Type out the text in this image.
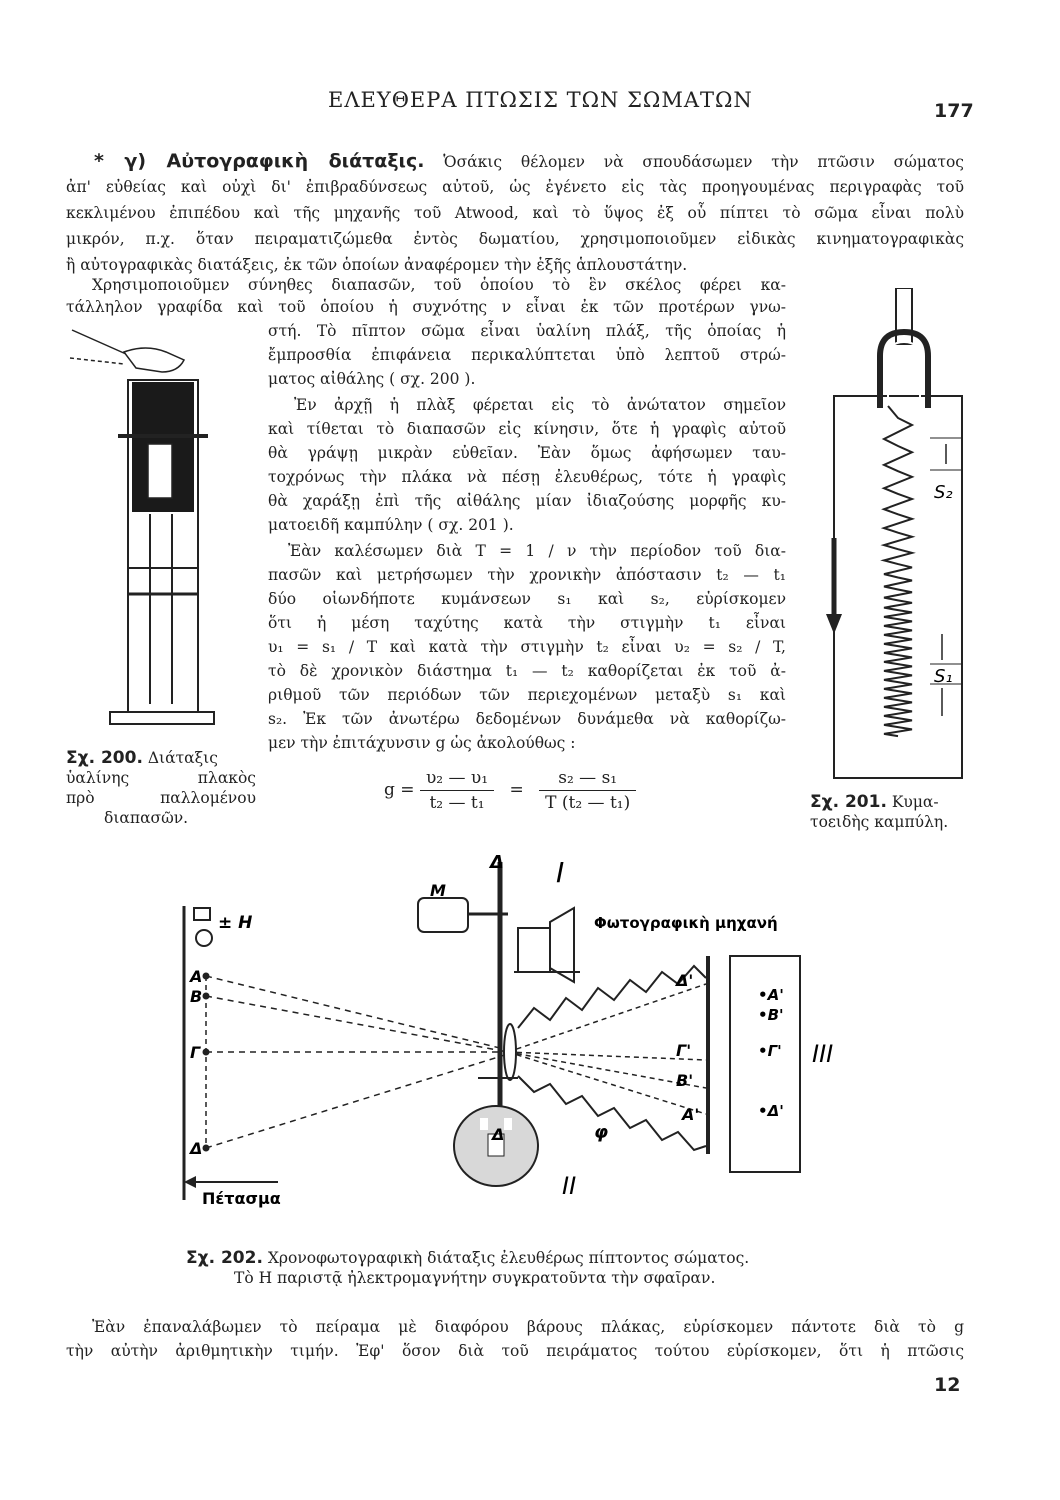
ΕΛΕΥΘΕΡΑ ΠΤΩΣΙΣ ΤΩΝ ΣΩΜΑΤΩΝ	177
* γ) Αὐτογραφικὴ διάταξις. Ὁσάκις θέλομεν νὰ σπουδάσωμεν τὴν πτῶσιν σώματος
ἀπ' εὐθείας καὶ οὐχὶ δι' ἐπιβραδύνσεως αὐτοῦ, ὡς ἐγένετο εἰς τὰς προηγουμένας περιγραφὰς τοῦ
κεκλιμένου ἐπιπέδου καὶ τῆς μηχανῆς τοῦ Atwood, καὶ τὸ ὕψος ἐξ οὗ πίπτει τὸ σῶμα εἶναι πολὺ
μικρόν, π.χ. ὅταν πειραματιζώμεθα ἐντὸς δωματίου, χρησιμοποιοῦμεν εἰδικὰς κινηματογραφικὰς
ἢ αὐτογραφικὰς διατάξεις, ἐκ τῶν ὁποίων ἀναφέρομεν τὴν ἑξῆς ἁπλουστάτην.
Χρησιμοποιοῦμεν σύνηθες διαπασῶν, τοῦ ὁποίου τὸ ἓν σκέλος φέρει κα-
τάλληλον γραφίδα καὶ τοῦ ὁποίου ἡ συχνότης ν εἶναι ἐκ τῶν προτέρων γνω-
στή. Τὸ πῖπτον σῶμα εἶναι ὑαλίνη πλάξ, τῆς ὁποίας ἡ
ἔμπροσθία ἐπιφάνεια περικαλύπτεται ὑπὸ λεπτοῦ στρώ-
ματος αἰθάλης ( σχ. 200 ).
Ἐν ἀρχῇ ἡ πλὰξ φέρεται εἰς τὸ ἀνώτατον σημεῖον
καὶ τίθεται τὸ διαπασῶν εἰς κίνησιν, ὅτε ἡ γραφὶς αὐτοῦ
θὰ γράψῃ μικρὰν εὐθεῖαν. Ἐὰν ὅμως ἀφήσωμεν ταυ-
τοχρόνως τὴν πλάκα νὰ πέσῃ ἐλευθέρως, τότε ἡ γραφὶς
θὰ χαράξῃ ἐπὶ τῆς αἰθάλης μίαν ἰδιαζούσης μορφῆς κυ-
ματοειδῆ καμπύλην ( σχ. 201 ).
Ἐὰν καλέσωμεν διὰ Τ = 1 / ν τὴν περίοδον τοῦ δια-
πασῶν καὶ μετρήσωμεν τὴν χρονικὴν ἀπόστασιν t₂ — t₁
δύο οἱωνδήποτε κυμάνσεων s₁ καὶ s₂, εὑρίσκομεν
ὅτι ἡ μέση ταχύτης κατὰ τὴν στιγμὴν t₁ εἶναι
υ₁ = s₁ / T καὶ κατὰ τὴν στιγμὴν t₂ εἶναι υ₂ = s₂ / T,
τὸ δὲ χρονικὸν διάστημα t₁ — t₂ καθορίζεται ἐκ τοῦ ἀ-
ριθμοῦ τῶν περιόδων τῶν περιεχομένων μεταξὺ s₁ καὶ
s₂. Ἐκ τῶν ἀνωτέρω δεδομένων δυνάμεθα νὰ καθορίζω-
μεν τὴν ἐπιτάχυνσιν g ὡς ἀκολούθως :
$g = \frac{\text{υ₂ — υ₁}}{\text{t₂ — t₁}} = \frac{\text{s₂ — s₁}}{\text{T (t₂ — t₁)}}$
Σχ. 200. Διάταξις

ὑαλίνης πλακὸς
πρὸ παλλομένου
διαπασῶν.
S₂
S₁
Σχ. 201. Κυμα-
τοειδὴς καμπύλη.
Δ I
M
Φωτογραφικὴ μηχανή
± H
A
B
Γ
Δ
Δ'
Γ'
B'
A'
φ
Δ
II
III
Πέτασμα
•A'
•B'
•Γ'
•Δ'
Σχ. 202. Χρονοφωτογραφικὴ διάταξις ἐλευθέρως πίπτοντος σώματος.
Τὸ H παριστᾷ ἠλεκτρομαγνήτην συγκρατοῦντα τὴν σφαῖραν.
Ἐὰν ἐπαναλάβωμεν τὸ πείραμα μὲ διαφόρου βάρους πλάκας, εὑρίσκομεν πάντοτε διὰ τὸ g
τὴν αὐτὴν ἀριθμητικὴν τιμήν. Ἐφ' ὅσον διὰ τοῦ πειράματος τούτου εὑρίσκομεν, ὅτι ἡ πτῶσις
12
